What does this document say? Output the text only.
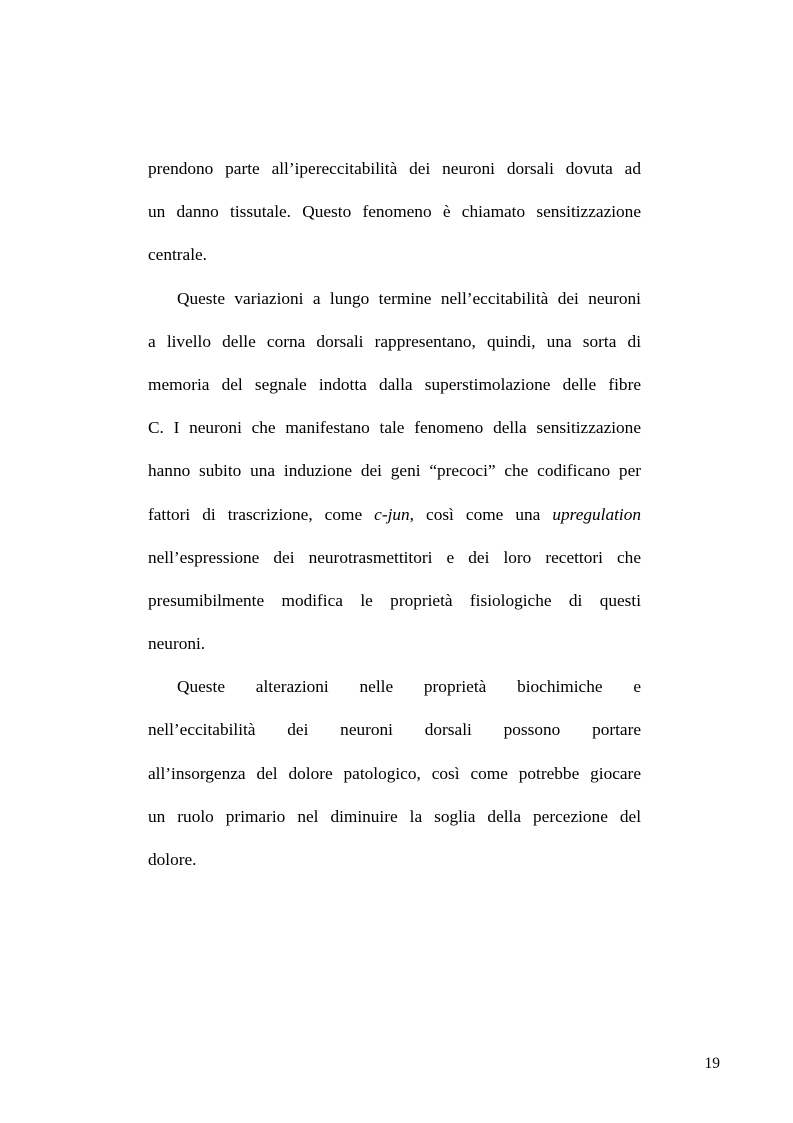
prendono parte all’ipereccitabilità dei neuroni dorsali dovuta ad
un danno tissutale. Questo fenomeno è chiamato sensitizzazione
centrale.
Queste variazioni a lungo termine nell’eccitabilità dei neuroni
a livello delle corna dorsali rappresentano, quindi, una sorta di
memoria del segnale indotta dalla superstimolazione delle fibre
C. I neuroni che manifestano tale fenomeno della sensitizzazione
hanno subito una induzione dei geni “precoci” che codificano per
fattori di trascrizione, come c-jun, così come una upregulation
nell’espressione dei neurotrasmettitori e dei loro recettori che
presumibilmente modifica le proprietà fisiologiche di questi
neuroni.
Queste alterazioni nelle proprietà biochimiche e
nell’eccitabilità dei neuroni dorsali possono portare
all’insorgenza del dolore patologico, così come potrebbe giocare
un ruolo primario nel diminuire la soglia della percezione del
dolore.
19
